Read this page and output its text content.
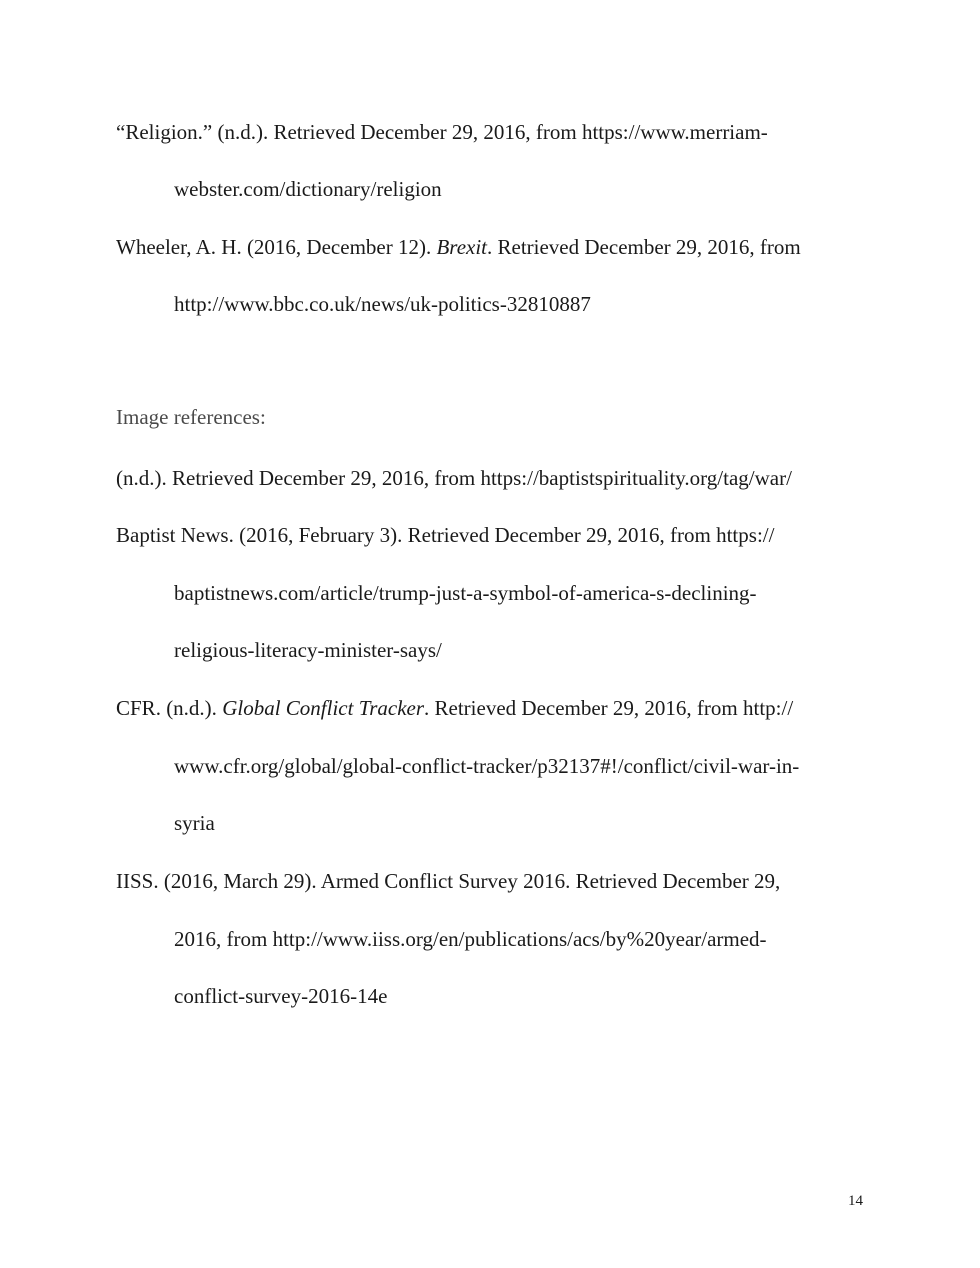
“Religion.” (n.d.). Retrieved December 29, 2016, from https://www.merriam-
webster.com/dictionary/religion
Wheeler, A. H. (2016, December 12). Brexit. Retrieved December 29, 2016, from
http://www.bbc.co.uk/news/uk-politics-32810887
Image references:
(n.d.). Retrieved December 29, 2016, from https://baptistspirituality.org/tag/war/
Baptist News. (2016, February 3). Retrieved December 29, 2016, from https://
baptistnews.com/article/trump-just-a-symbol-of-america-s-declining-
religious-literacy-minister-says/
CFR. (n.d.). Global Conflict Tracker. Retrieved December 29, 2016, from http://
www.cfr.org/global/global-conflict-tracker/p32137#!/conflict/civil-war-in-
syria
IISS. (2016, March 29). Armed Conflict Survey 2016. Retrieved December 29,
2016, from http://www.iiss.org/en/publications/acs/by%20year/armed-
conflict-survey-2016-14e
14
